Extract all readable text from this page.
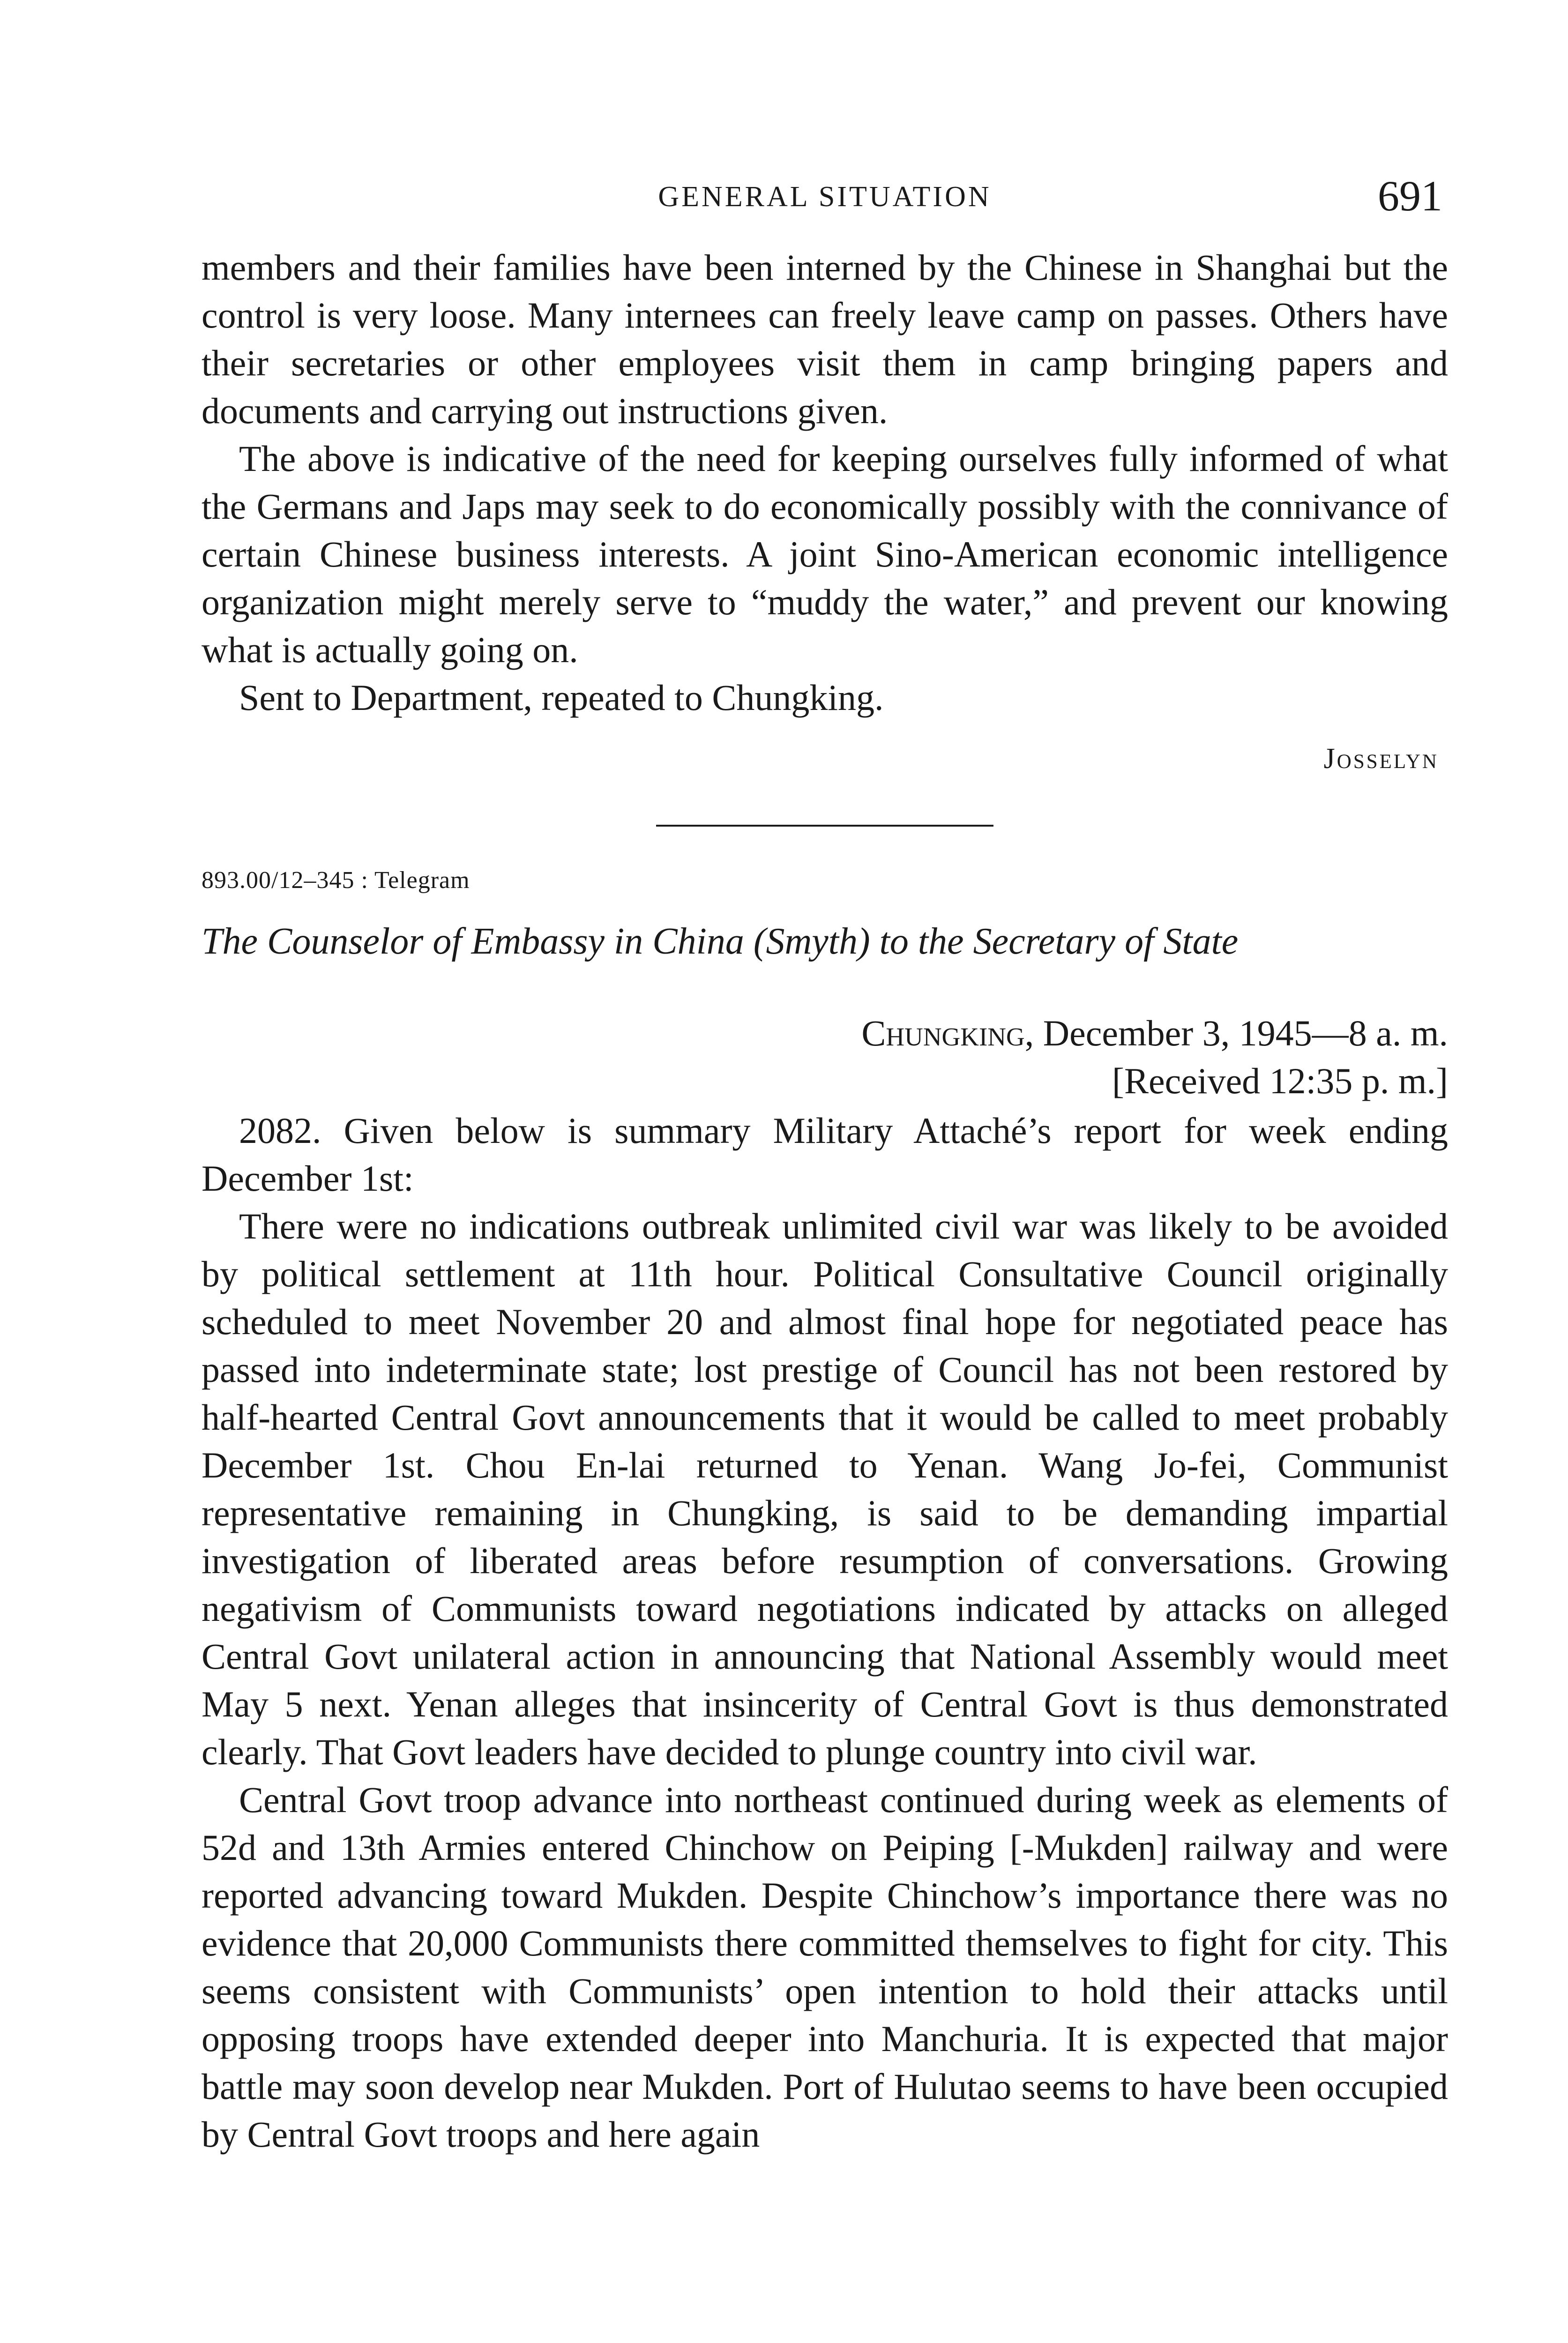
GENERAL SITUATION	691

members and their families have been interned by the Chinese in Shanghai but the control is very loose. Many internees can freely leave camp on passes. Others have their secretaries or other employees visit them in camp bringing papers and documents and carrying out instructions given.

The above is indicative of the need for keeping ourselves fully informed of what the Germans and Japs may seek to do economically possibly with the connivance of certain Chinese business interests. A joint Sino-American economic intelligence organization might merely serve to “muddy the water,” and prevent our knowing what is actually going on.

Sent to Department, repeated to Chungking.

Josselyn

893.00/12–345 : Telegram

The Counselor of Embassy in China (Smyth) to the Secretary of State

Chungking, December 3, 1945—8 a. m.

[Received 12:35 p. m.]

2082. Given below is summary Military Attaché’s report for week ending December 1st:

There were no indications outbreak unlimited civil war was likely to be avoided by political settlement at 11th hour. Political Consultative Council originally scheduled to meet November 20 and almost final hope for negotiated peace has passed into indeterminate state; lost prestige of Council has not been restored by half-hearted Central Govt announcements that it would be called to meet probably December 1st. Chou En-lai returned to Yenan. Wang Jo-fei, Communist representative remaining in Chungking, is said to be demanding impartial investigation of liberated areas before resumption of conversations. Growing negativism of Communists toward negotiations indicated by attacks on alleged Central Govt unilateral action in announcing that National Assembly would meet May 5 next. Yenan alleges that insincerity of Central Govt is thus demonstrated clearly. That Govt leaders have decided to plunge country into civil war.

Central Govt troop advance into northeast continued during week as elements of 52d and 13th Armies entered Chinchow on Peiping [-Mukden] railway and were reported advancing toward Mukden. Despite Chinchow’s importance there was no evidence that 20,000 Communists there committed themselves to fight for city. This seems consistent with Communists’ open intention to hold their attacks until opposing troops have extended deeper into Manchuria. It is expected that major battle may soon develop near Mukden. Port of Hulutao seems to have been occupied by Central Govt troops and here again
